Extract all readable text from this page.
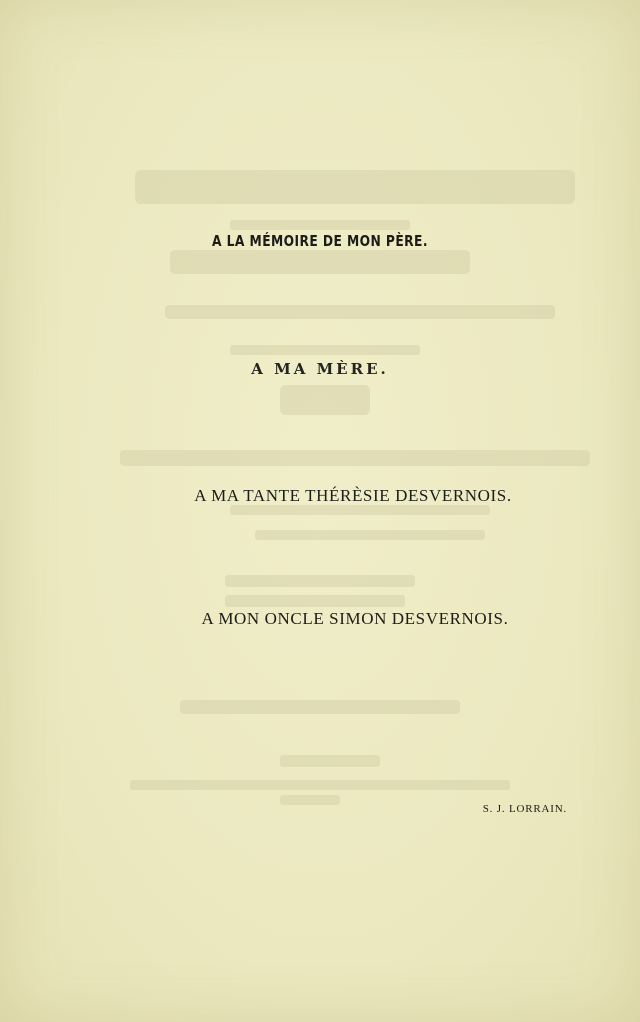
A LA MÉMOIRE DE MON PÈRE.
A MA MÈRE.
A MA TANTE THÉRÈSIE DESVERNOIS.
A MON ONCLE SIMON DESVERNOIS.
S. J. LORRAIN.
